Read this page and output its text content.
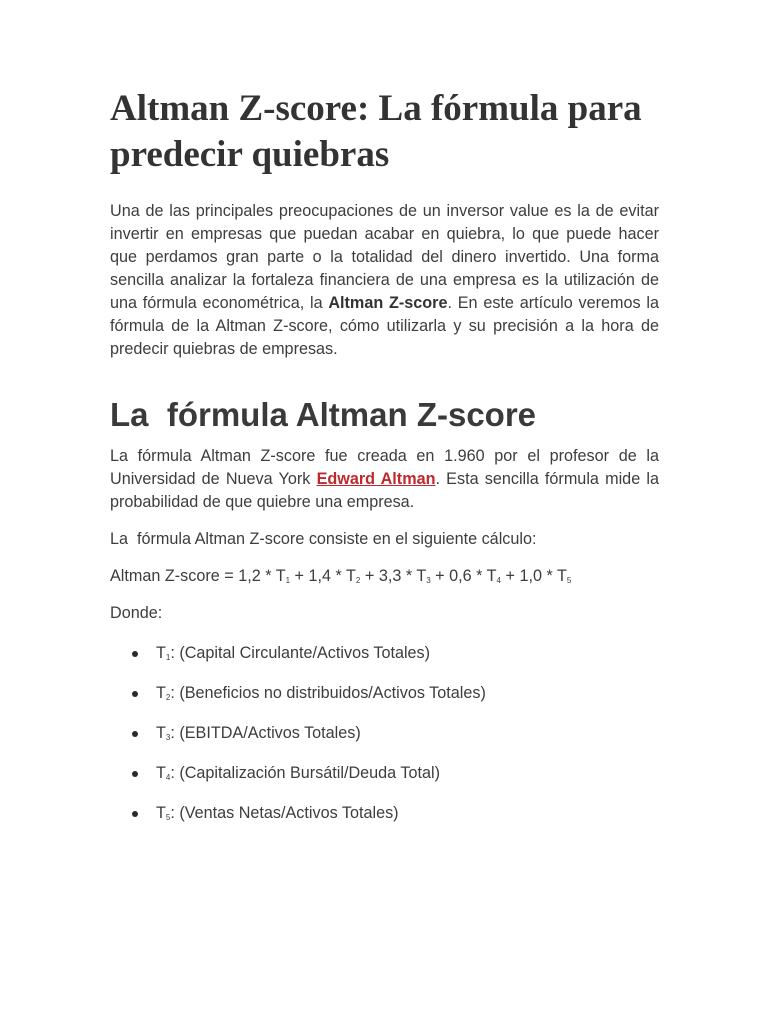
Altman Z-score: La fórmula para predecir quiebras

Una de las principales preocupaciones de un inversor value es la de evitar invertir en empresas que puedan acabar en quiebra, lo que puede hacer que perdamos gran parte o la totalidad del dinero invertido. Una forma sencilla analizar la fortaleza financiera de una empresa es la utilización de una fórmula econométrica, la Altman Z-score. En este artículo veremos la fórmula de la Altman Z-score, cómo utilizarla y su precisión a la hora de predecir quiebras de empresas.

La  fórmula Altman Z-score

La fórmula Altman Z-score fue creada en 1.960 por el profesor de la Universidad de Nueva York Edward Altman. Esta sencilla fórmula mide la probabilidad de que quiebre una empresa.

La  fórmula Altman Z-score consiste en el siguiente cálculo:

Altman Z-score = $1,2 * T_1 + 1,4 * T_2 + 3,3 * T_3 + 0,6 * T_4 + 1,0 * T_5$

Donde:

$T_1$: (Capital Circulante/Activos Totales)
$T_2$: (Beneficios no distribuidos/Activos Totales)
$T_3$: (EBITDA/Activos Totales)
$T_4$: (Capitalización Bursátil/Deuda Total)
$T_5$: (Ventas Netas/Activos Totales)
